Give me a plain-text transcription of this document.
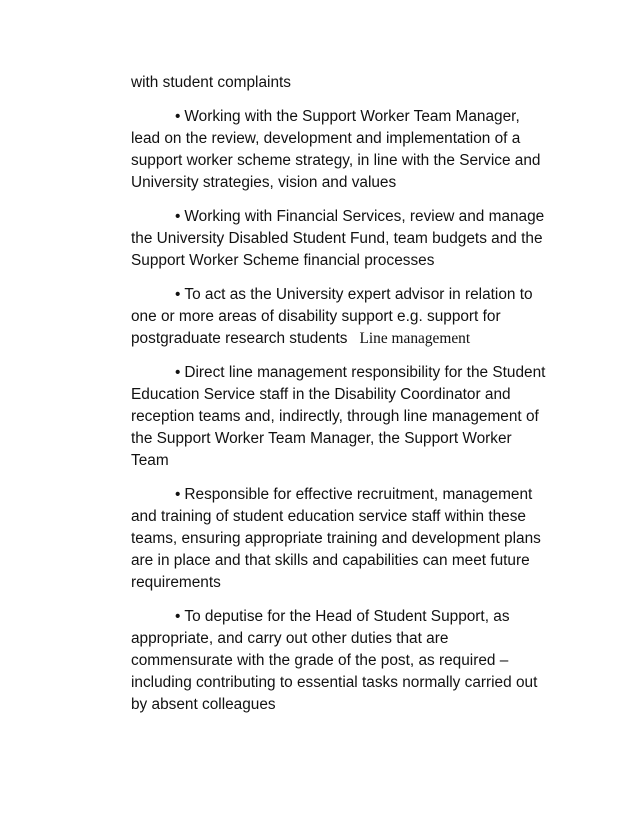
with student complaints

• Working with the Support Worker Team Manager, lead on the review, development and implementation of a support worker scheme strategy, in line with the Service and University strategies, vision and values

• Working with Financial Services, review and manage the University Disabled Student Fund, team budgets and the Support Worker Scheme financial processes

• To act as the University expert advisor in relation to one or more areas of disability support e.g. support for postgraduate research students Line management

• Direct line management responsibility for the Student Education Service staff in the Disability Coordinator and reception teams and, indirectly, through line management of the Support Worker Team Manager, the Support Worker Team

• Responsible for effective recruitment, management and training of student education service staff within these teams, ensuring appropriate training and development plans are in place and that skills and capabilities can meet future requirements

• To deputise for the Head of Student Support, as appropriate, and carry out other duties that are commensurate with the grade of the post, as required – including contributing to essential tasks normally carried out by absent colleagues
